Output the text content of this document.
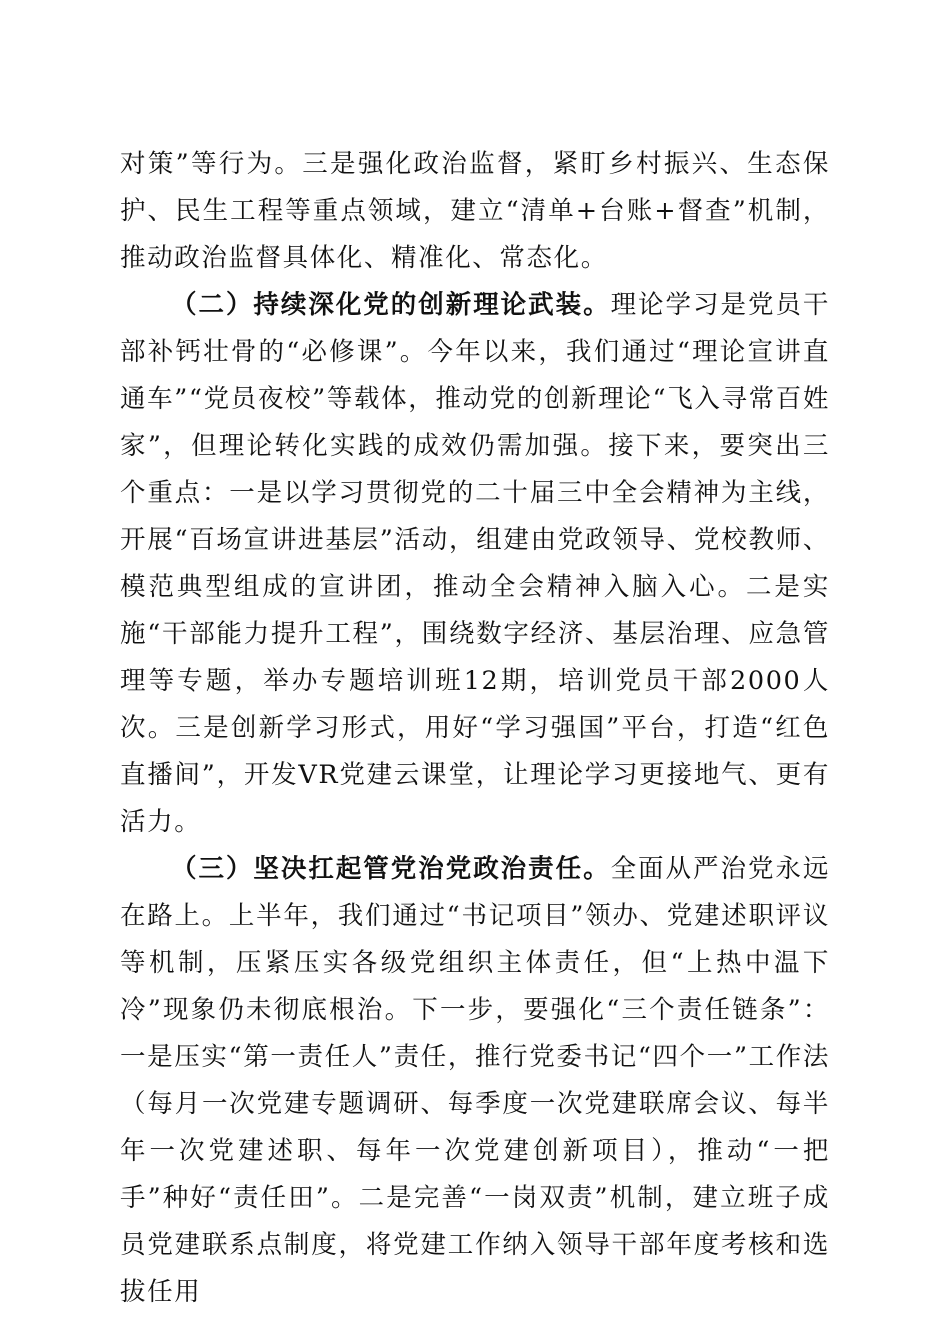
对策”等行为。三是强化政治监督，紧盯乡村振兴、生态保护、民生工程等重点领域，建立“清单+台账+督查”机制，推动政治监督具体化、精准化、常态化。

（二）持续深化党的创新理论武装。理论学习是党员干部补钙壮骨的“必修课”。今年以来，我们通过“理论宣讲直通车”“党员夜校”等载体，推动党的创新理论“飞入寻常百姓家”，但理论转化实践的成效仍需加强。接下来，要突出三个重点：一是以学习贯彻党的二十届三中全会精神为主线，开展“百场宣讲进基层”活动，组建由党政领导、党校教师、模范典型组成的宣讲团，推动全会精神入脑入心。二是实施“干部能力提升工程”，围绕数字经济、基层治理、应急管理等专题，举办专题培训班12期，培训党员干部2000人次。三是创新学习形式，用好“学习强国”平台，打造“红色直播间”，开发VR党建云课堂，让理论学习更接地气、更有活力。

（三）坚决扛起管党治党政治责任。全面从严治党永远在路上。上半年，我们通过“书记项目”领办、党建述职评议等机制，压紧压实各级党组织主体责任，但“上热中温下冷”现象仍未彻底根治。下一步，要强化“三个责任链条”：一是压实“第一责任人”责任，推行党委书记“四个一”工作法（每月一次党建专题调研、每季度一次党建联席会议、每半年一次党建述职、每年一次党建创新项目），推动“一把手”种好“责任田”。二是完善“一岗双责”机制，建立班子成员党建联系点制度，将党建工作纳入领导干部年度考核和选拔任用
